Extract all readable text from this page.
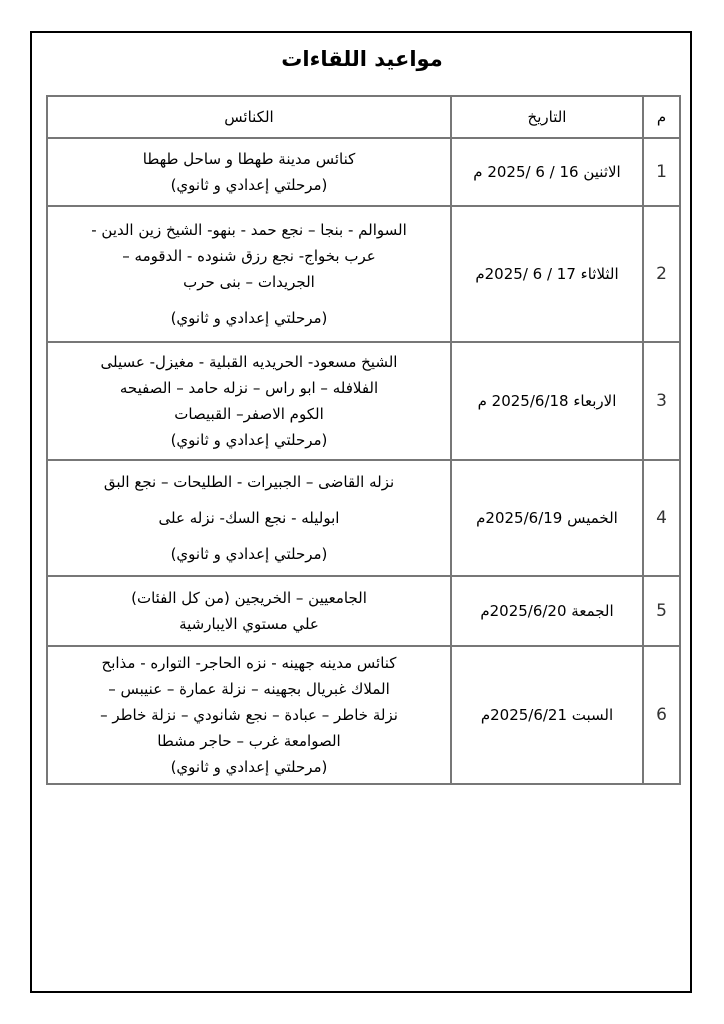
مواعيد اللقاءات
م	التاريخ	الكنائس
1	الاثنين 16 / 6 /2025 م	كنائس مدينة طهطا و ساحل طهطا
(مرحلتي إعدادي و ثانوي)

2	الثلاثاء 17 / 6 /2025م	السوالم - بنجا – نجع حمد - بنهو- الشيخ زين الدين -
عرب بخواج- نجع رزق شنوده - الدقومه –
الجريدات – بنى حرب
(مرحلتي إعدادي و ثانوي)

3	الاربعاء 2025/6/18 م	الشيخ مسعود- الحريديه القبلية - مغيزل- عسيلى
الفلافله – ابو راس – نزله حامد – الصفيحه
الكوم الاصفر– القبيصات
(مرحلتي إعدادي و ثانوي)

4	الخميس 2025/6/19م	نزله القاضى – الجبيرات - الطليحات – نجع البق
ابوليله - نجع السك- نزله على
(مرحلتي إعدادي و ثانوي)

5	الجمعة 2025/6/20م	الجامعيين – الخريجين (من كل الفئات)
علي مستوي الايبارشية

6	السبت 2025/6/21م	كنائس مدينه جهينه - نزه الحاجر- التواره - مذابح
الملاك غبريال بجهينه – نزلة عمارة – عنيبس –
نزلة خاطر – عبادة – نجع شانودي – نزلة خاطر –
الصوامعة غرب – حاجر مشطا
(مرحلتي إعدادي و ثانوي)
